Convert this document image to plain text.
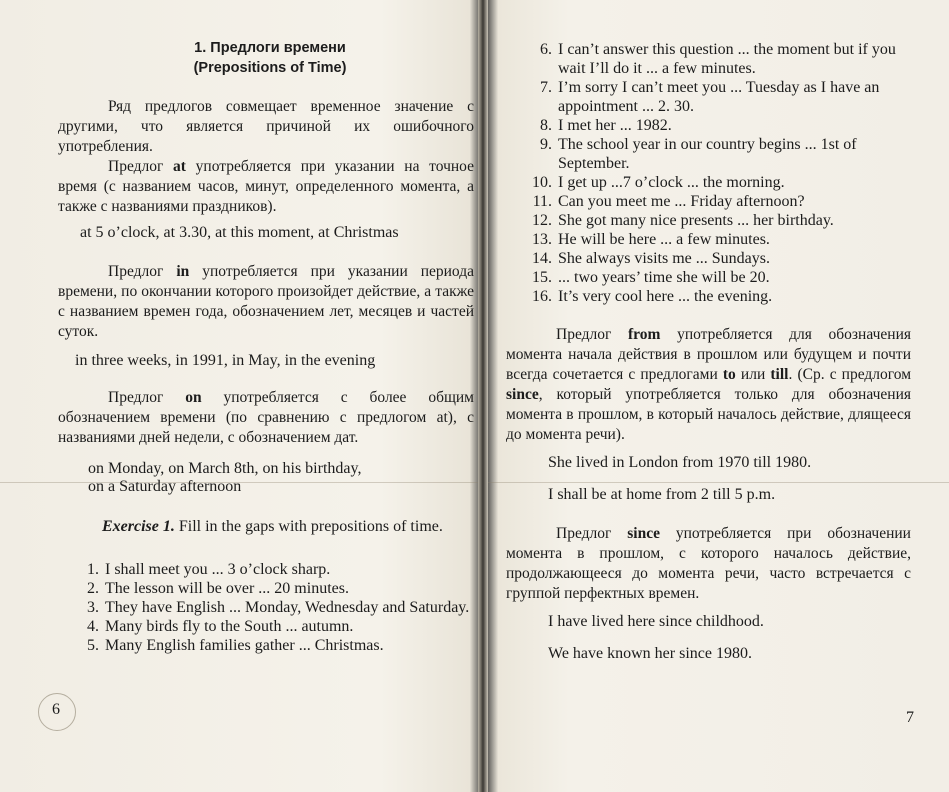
1. Предлоги времени
(Prepositions of Time)
Ряд предлогов совмещает временное значение с другими, что является причиной их ошибочного употребления.
Предлог at употребляется при указании на точное время (с названием часов, минут, определенного момента, а также с названиями праздников).
at 5 o’clock, at 3.30, at this moment, at Christmas
Предлог in употребляется при указании периода времени, по окончании которого произойдет действие, а также с названием времен года, обозначением лет, месяцев и частей суток.
in three weeks, in 1991, in May, in the evening
Предлог on употребляется с более общим обозначением времени (по сравнению с предлогом at), с названиями дней недели, с обозначением дат.
on Monday, on March 8th, on his birthday,
on a Saturday afternoon
Exercise 1. Fill in the gaps with prepositions of time.
1. I shall meet you ... 3 o’clock sharp.
2. The lesson will be over ... 20 minutes.
3. They have English ... Monday, Wednesday and Saturday.
4. Many birds fly to the South ... autumn.
5. Many English families gather ... Christmas.
6
6. I can’t answer this question ... the moment but if you wait I’ll do it ... a few minutes.
7. I’m sorry I can’t meet you ... Tuesday as I have an appointment ... 2. 30.
8. I met her ... 1982.
9. The school year in our country begins ... 1st of September.
10. I get up ...7 o’clock ... the morning.
11. Can you meet me ... Friday afternoon?
12. She got many nice presents ... her birthday.
13. He will be here ... a few minutes.
14. She always visits me ... Sundays.
15. ... two years’ time she will be 20.
16. It’s very cool here ... the evening.
Предлог from употребляется для обозначения момента начала действия в прошлом или будущем и почти всегда сочетается с предлогами to или till. (Ср. с предлогом since, который употребляется только для обозначения момента в прошлом, в который началось действие, длящееся до момента речи).
She lived in London from 1970 till 1980.
I shall be at home from 2 till 5 p.m.
Предлог since употребляется при обозначении момента в прошлом, с которого началось действие, продолжающееся до момента речи, часто встречается с группой перфектных времен.
I have lived here since childhood.
We have known her since 1980.
7
